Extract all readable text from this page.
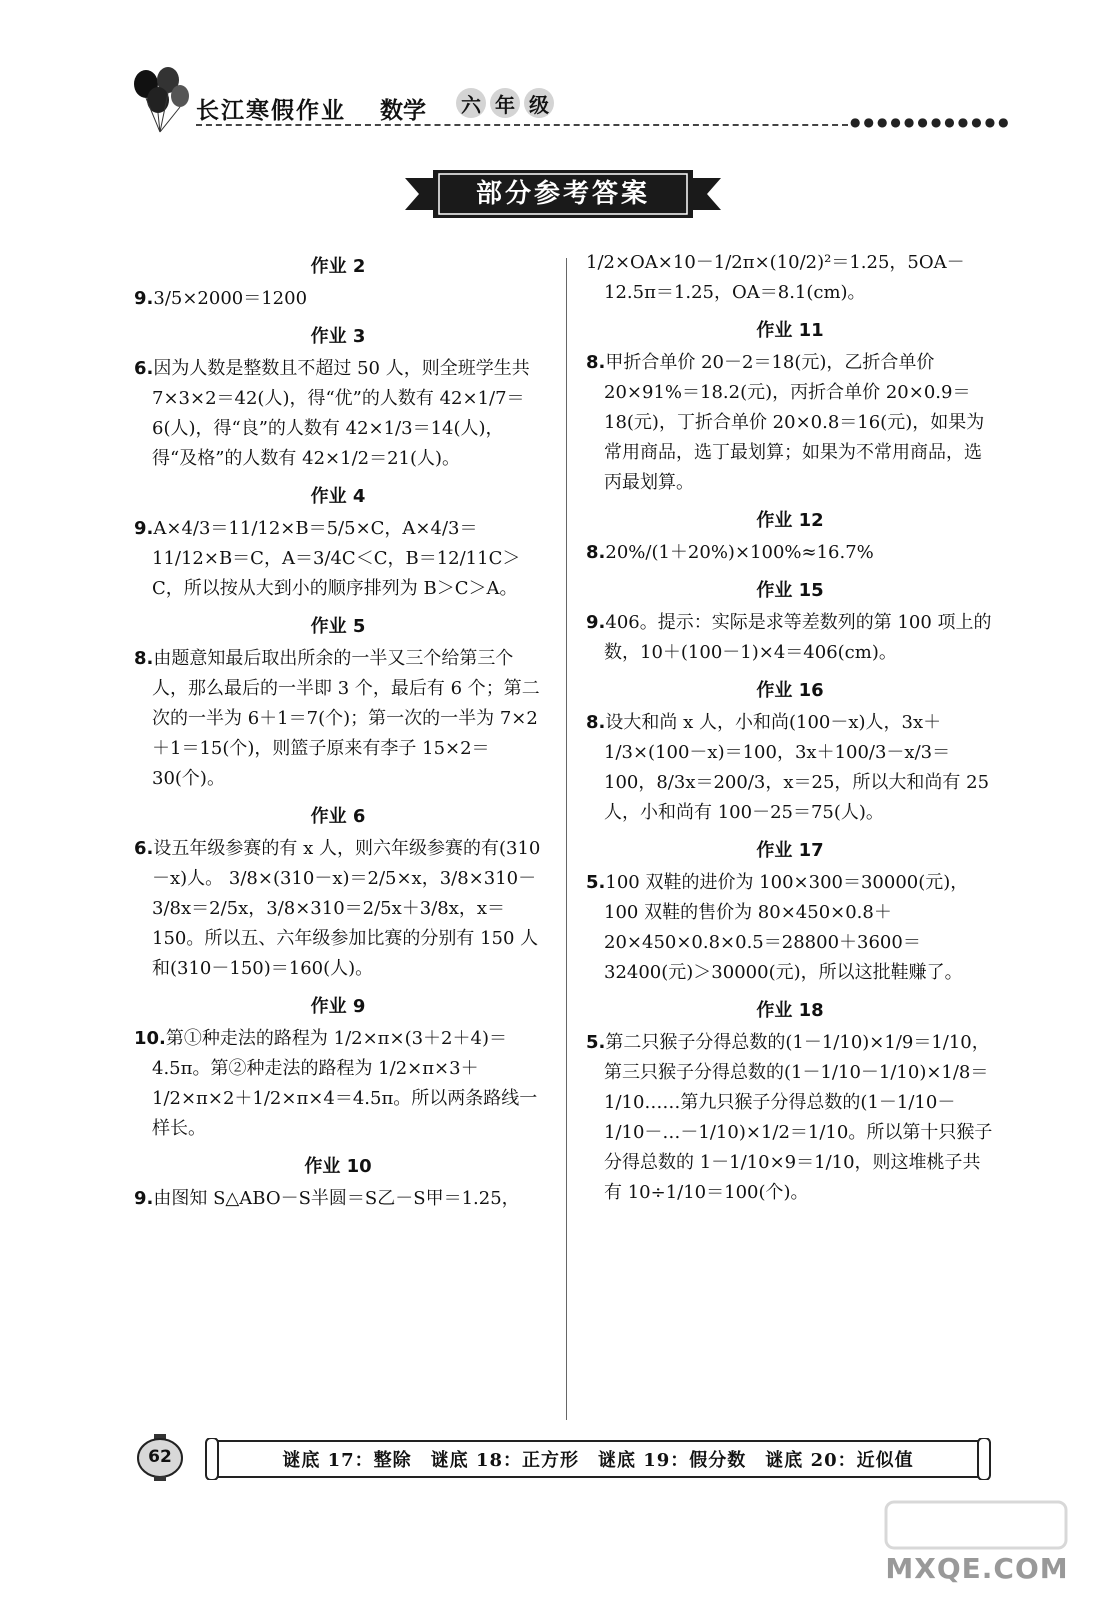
长江寒假作业 数学 六 年 级
●●●●●●●●●●●●
部分参考答案
作业 2

9.3/5×2000＝1200

作业 3

6.因为人数是整数且不超过 50 人，则全班学生共 7×3×2＝42(人)，得“优”的人数有 42×1/7＝6(人)，得“良”的人数有 42×1/3＝14(人)，得“及格”的人数有 42×1/2＝21(人)。

作业 4

9.A×4/3＝11/12×B＝5/5×C，A×4/3＝11/12×B＝C，A＝3/4C＜C，B＝12/11C＞C，所以按从大到小的顺序排列为 B＞C＞A。

作业 5

8.由题意知最后取出所余的一半又三个给第三个人，那么最后的一半即 3 个，最后有 6 个；第二次的一半为 6＋1＝7(个)；第一次的一半为 7×2＋1＝15(个)，则篮子原来有李子 15×2＝30(个)。

作业 6

6.设五年级参赛的有 x 人，则六年级参赛的有(310－x)人。 3/8×(310－x)＝2/5×x，3/8×310－3/8x＝2/5x，3/8×310＝2/5x＋3/8x，x＝150。所以五、六年级参加比赛的分别有 150 人和(310－150)＝160(人)。

作业 9

10.第①种走法的路程为 1/2×π×(3＋2＋4)＝4.5π。第②种走法的路程为 1/2×π×3＋1/2×π×2＋1/2×π×4＝4.5π。所以两条路线一样长。

作业 10

9.由图知 S△ABO－S半圆＝S乙－S甲＝1.25，

1/2×OA×10－1/2π×(10/2)²＝1.25，5OA－12.5π＝1.25，OA＝8.1(cm)。

作业 11

8.甲折合单价 20－2＝18(元)，乙折合单价 20×91%＝18.2(元)，丙折合单价 20×0.9＝18(元)，丁折合单价 20×0.8＝16(元)，如果为常用商品，选丁最划算；如果为不常用商品，选丙最划算。

作业 12

8.20%/(1＋20%)×100%≈16.7%

作业 15

9.406。提示：实际是求等差数列的第 100 项上的数，10＋(100－1)×4＝406(cm)。

作业 16

8.设大和尚 x 人，小和尚(100－x)人，3x＋1/3×(100－x)＝100，3x＋100/3－x/3＝100，8/3x＝200/3，x＝25，所以大和尚有 25 人，小和尚有 100－25＝75(人)。

作业 17

5.100 双鞋的进价为 100×300＝30000(元)，100 双鞋的售价为 80×450×0.8＋20×450×0.8×0.5＝28800＋3600＝32400(元)＞30000(元)，所以这批鞋赚了。

作业 18

5.第二只猴子分得总数的(1－1/10)×1/9＝1/10，第三只猴子分得总数的(1－1/10－1/10)×1/8＝1/10……第九只猴子分得总数的(1－1/10－1/10－…－1/10)×1/2＝1/10。所以第十只猴子分得总数的 1－1/10×9＝1/10，则这堆桃子共有 10÷1/10＝100(个)。

62	谜底 17：整除　谜底 18：正方形　谜底 19：假分数　谜底 20：近似值
MXQE.COM
